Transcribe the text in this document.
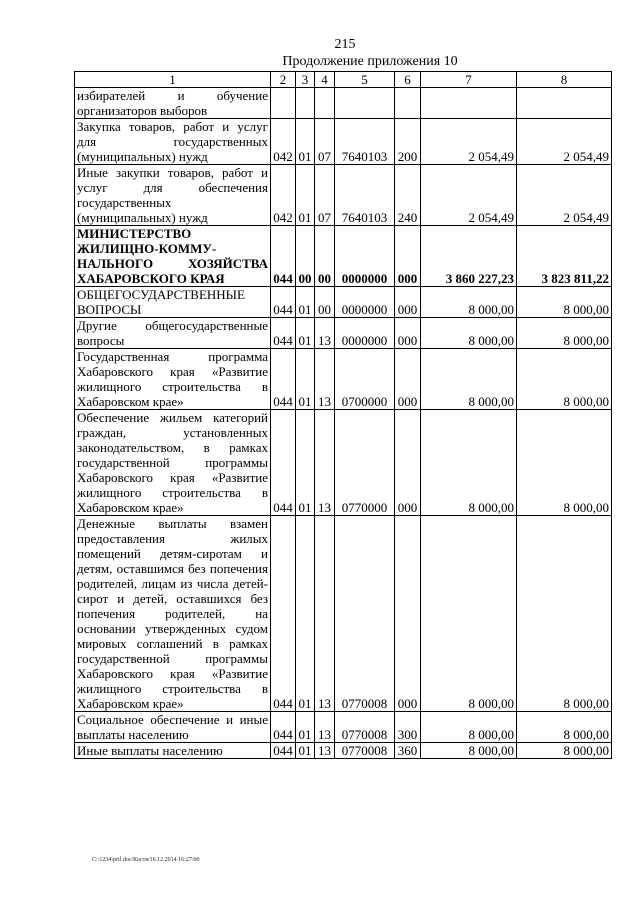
215
Продолжение приложения 10
1	2	3	4	5	6	7	8
избирателей и обучение организаторов выборов							
Закупка товаров, работ и услуг для государственных (муниципальных) нужд	042	01	07	7640103	200	2 054,49	2 054,49
Иные закупки товаров, работ и услуг для обеспечения государственных (муниципальных) нужд	042	01	07	7640103	240	2 054,49	2 054,49
МИНИСТЕРСТВО ЖИЛИЩНО-КОММУ-НАЛЬНОГО ХОЗЯЙСТВА ХАБАРОВСКОГО КРАЯ	044	00	00	0000000	000	3 860 227,23	3 823 811,22
ОБЩЕГОСУДАРСТВЕННЫЕ ВОПРОСЫ	044	01	00	0000000	000	8 000,00	8 000,00
Другие общегосударственные вопросы	044	01	13	0000000	000	8 000,00	8 000,00
Государственная программа Хабаровского края «Развитие жилищного строительства в Хабаровском крае»	044	01	13	0700000	000	8 000,00	8 000,00
Обеспечение жильем категорий граждан, установленных законодательством, в рамках государственной программы Хабаровского края «Развитие жилищного строительства в Хабаровском крае»	044	01	13	0770000	000	8 000,00	8 000,00
Денежные выплаты взамен предоставления жилых помещений детям-сиротам и детям, оставшимся без попечения родителей, лицам из числа детей-сирот и детей, оставшихся без попечения родителей, на основании утвержденных судом мировых соглашений в рамках государственной программы Хабаровского края «Развитие жилищного строительства в Хабаровском крае»	044	01	13	0770008	000	8 000,00	8 000,00
Социальное обеспечение и иные выплаты населению	044	01	13	0770008	300	8 000,00	8 000,00
Иные выплаты населению	044	01	13	0770008	360	8 000,00	8 000,00
C:\1234\pril.doc/Костя/16.12.2014 16:27:00
